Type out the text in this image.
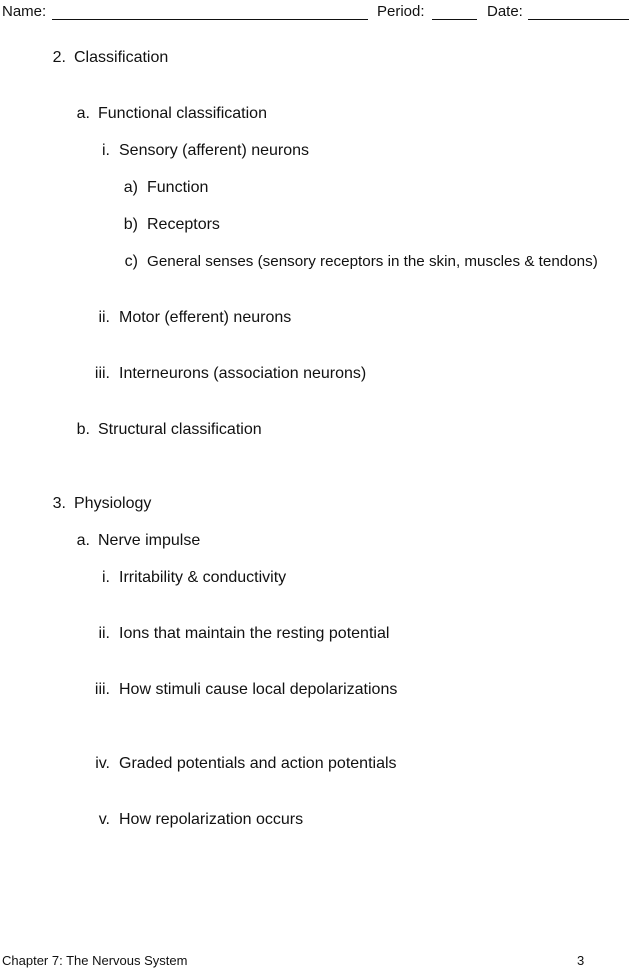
Name:	Period:	Date:
2. Classification
a. Functional classification
i. Sensory (afferent) neurons
a) Function
b) Receptors
c) General senses (sensory receptors in the skin, muscles & tendons)
ii. Motor (efferent) neurons
iii. Interneurons (association neurons)
b. Structural classification
3. Physiology
a. Nerve impulse
i. Irritability & conductivity
ii. Ions that maintain the resting potential
iii. How stimuli cause local depolarizations
iv. Graded potentials and action potentials
v. How repolarization occurs
Chapter 7: The Nervous System	3
